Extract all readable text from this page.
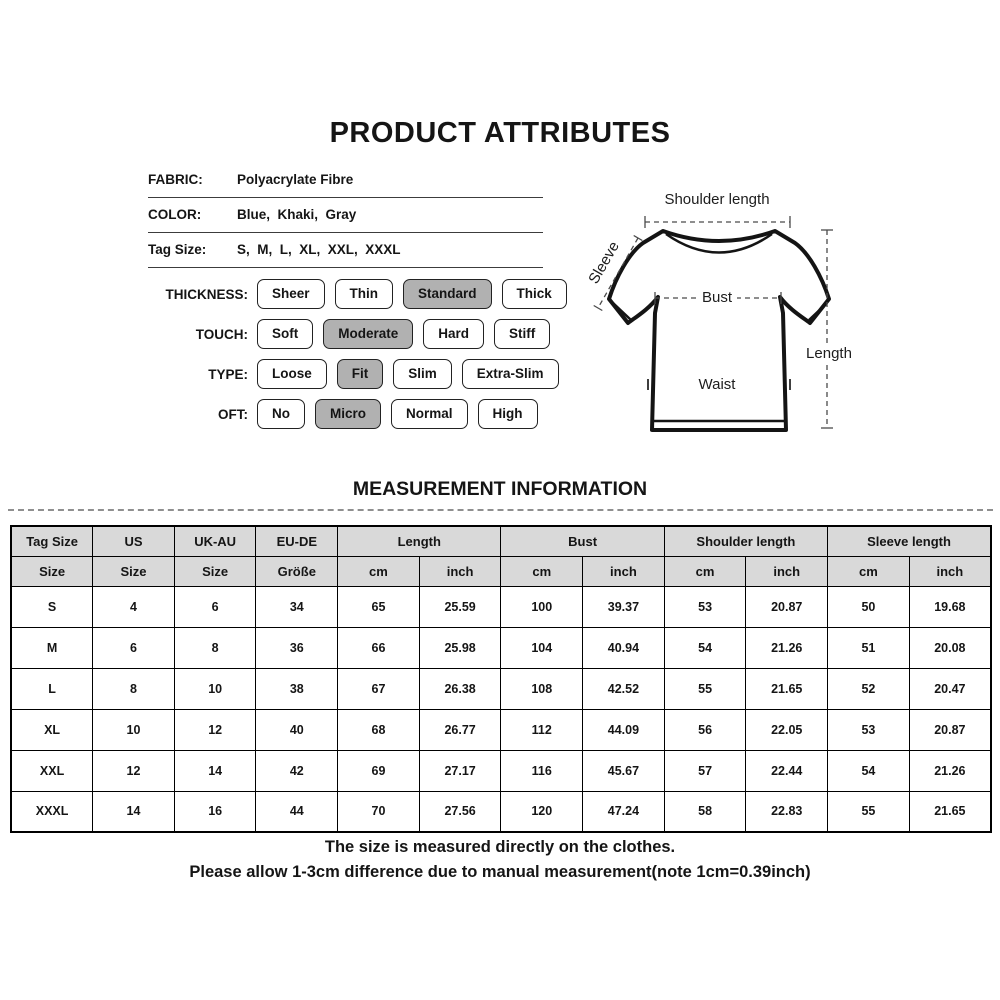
PRODUCT ATTRIBUTES
FABRIC:	Polyacrylate Fibre
COLOR:	Blue,  Khaki,  Gray
Tag Size: S,  M,  L,  XL,  XXL,  XXXL
THICKNESS:	Sheer	Thin	Standard	Thick
TOUCH:	Soft	Moderate	Hard	Stiff
TYPE:	Loose	Fit	Slim	Extra-Slim
OFT:	No	Micro	Normal	High
Shoulder length
Sleeve
Bust
Waist
Length
MEASUREMENT INFORMATION
Tag Size	US	UK-AU	EU-DE	Length		Bust		Shoulder length		Sleeve length	
Size	Size	Size	Größe	cm	inch	cm	inch	cm	inch	cm	inch
S	4	6	34	65	25.59	100	39.37	53	20.87	50	19.68
M	6	8	36	66	25.98	104	40.94	54	21.26	51	20.08
L	8	10	38	67	26.38	108	42.52	55	21.65	52	20.47
XL	10	12	40	68	26.77	112	44.09	56	22.05	53	20.87
XXL	12	14	42	69	27.17	116	45.67	57	22.44	54	21.26
XXXL	14	16	44	70	27.56	120	47.24	58	22.83	55	21.65
The size is measured directly on the clothes.
Please allow 1-3cm difference due to manual measurement(note 1cm=0.39inch)
